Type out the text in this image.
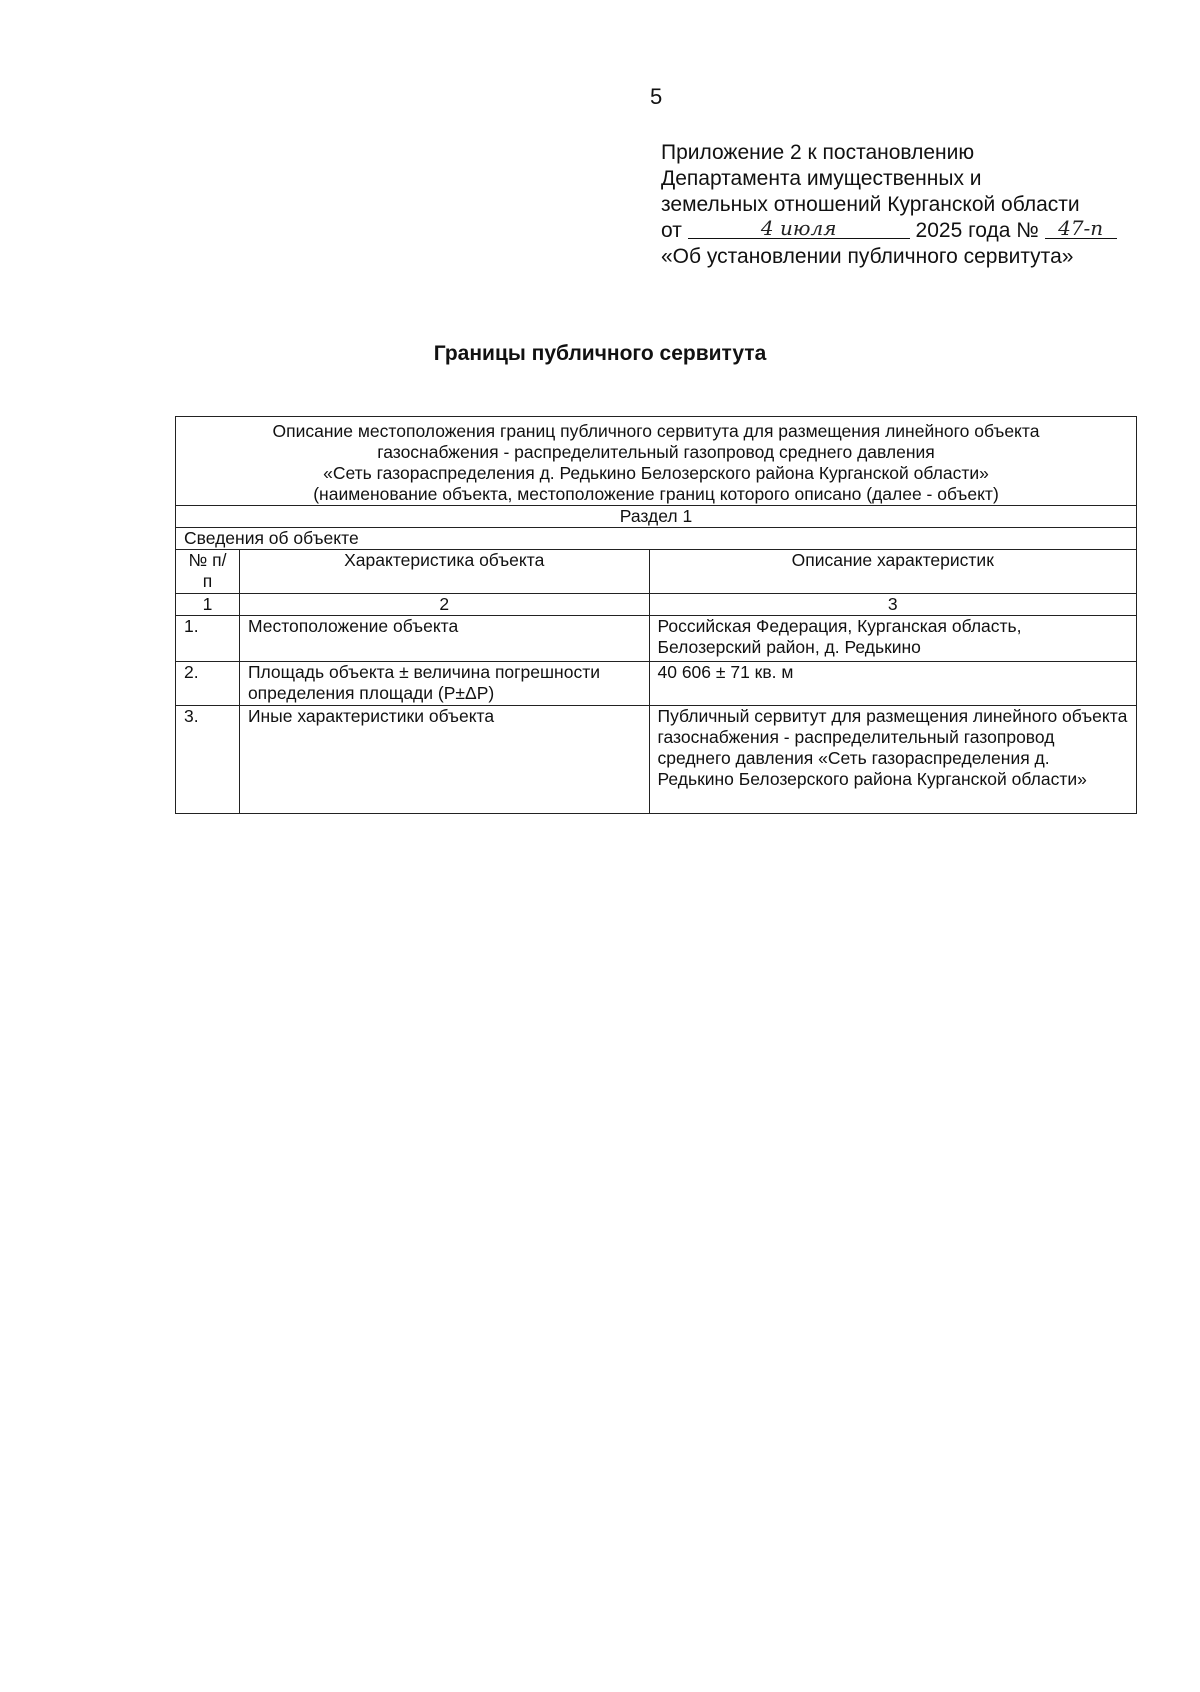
5
Приложение 2 к постановлению
Департамента имущественных и
земельных отношений Курганской области
от	4 июля	2025 года № 47-п
«Об установлении публичного сервитута»
Границы публичного сервитута
Описание местоположения границ публичного сервитута для размещения линейного объекта
газоснабжения - распределительный газопровод среднего давления
«Сеть газораспределения д. Редькино Белозерского района Курганской области»
(наименование объекта, местоположение границ которого описано (далее - объект)		

Раздел 1		
Сведения об объекте		
№ п/п	Характеристика объекта	Описание характеристик
1	2	3
1.	Местоположение объекта	Российская Федерация, Курганская область, Белозерский район, д. Редькино
2.	Площадь объекта ± величина погрешности определения площади (Р±ΔР)	40 606 ± 71 кв. м
3.	Иные характеристики объекта	Публичный сервитут для размещения линейного объекта газоснабжения - распределительный газопровод среднего давления «Сеть газораспределения д. Редькино Белозерского района Курганской области»
